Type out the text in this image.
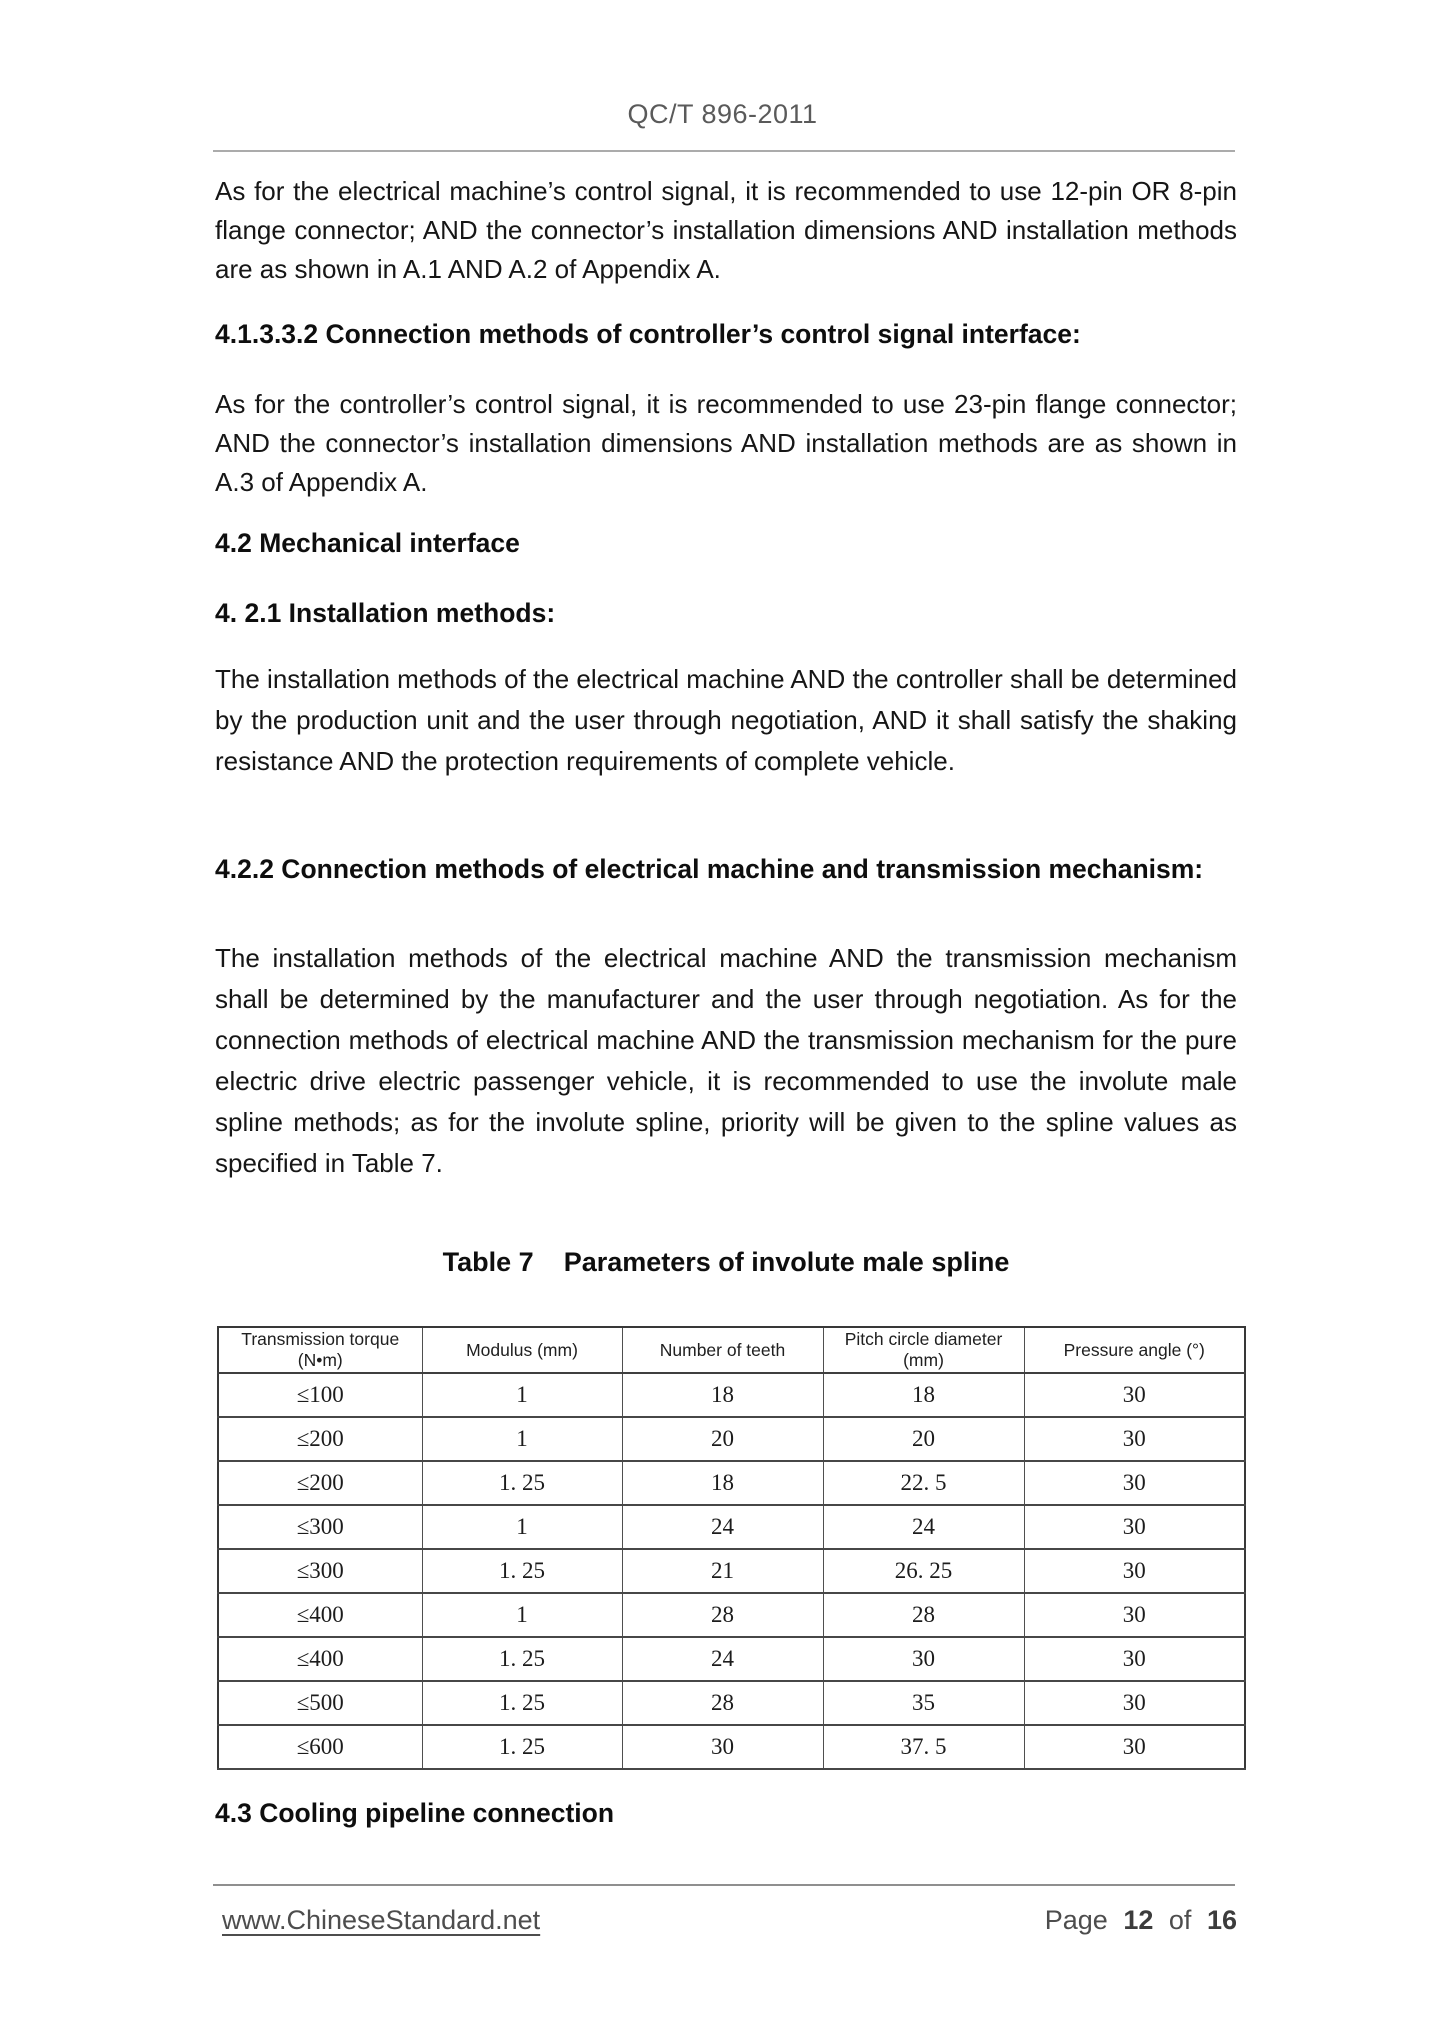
QC/T 896-2011
As for the electrical machine’s control signal, it is recommended to use 12-pin OR 8-pin flange connector; AND the connector’s installation dimensions AND installation methods are as shown in A.1 AND A.2 of Appendix A.
4.1.3.3.2 Connection methods of controller’s control signal interface:
As for the controller’s control signal, it is recommended to use 23-pin flange connector; AND the connector’s installation dimensions AND installation methods are as shown in A.3 of Appendix A.
4.2 Mechanical interface
4. 2.1 Installation methods:
The installation methods of the electrical machine AND the controller shall be determined by the production unit and the user through negotiation, AND it shall satisfy the shaking resistance AND the protection requirements of complete vehicle.
4.2.2 Connection methods of electrical machine and transmission mechanism:
The installation methods of the electrical machine AND the transmission mechanism shall be determined by the manufacturer and the user through negotiation. As for the connection methods of electrical machine AND the transmission mechanism for the pure electric drive electric passenger vehicle, it is recommended to use the involute male spline methods; as for the involute spline, priority will be given to the spline values as specified in Table 7.
Table 7 Parameters of involute male spline
Transmission torque (N•m)	Modulus (mm)	Number of teeth	Pitch circle diameter (mm)	Pressure angle (°)
≤100	1	18	18	30
≤200	1	20	20	30
≤200	1. 25	18	22. 5	30
≤300	1	24	24	30
≤300	1. 25	21	26. 25	30
≤400	1	28	28	30
≤400	1. 25	24	30	30
≤500	1. 25	28	35	30
≤600	1. 25	30	37. 5	30
4.3 Cooling pipeline connection
www.ChineseStandard.net	Page 12 of 16
